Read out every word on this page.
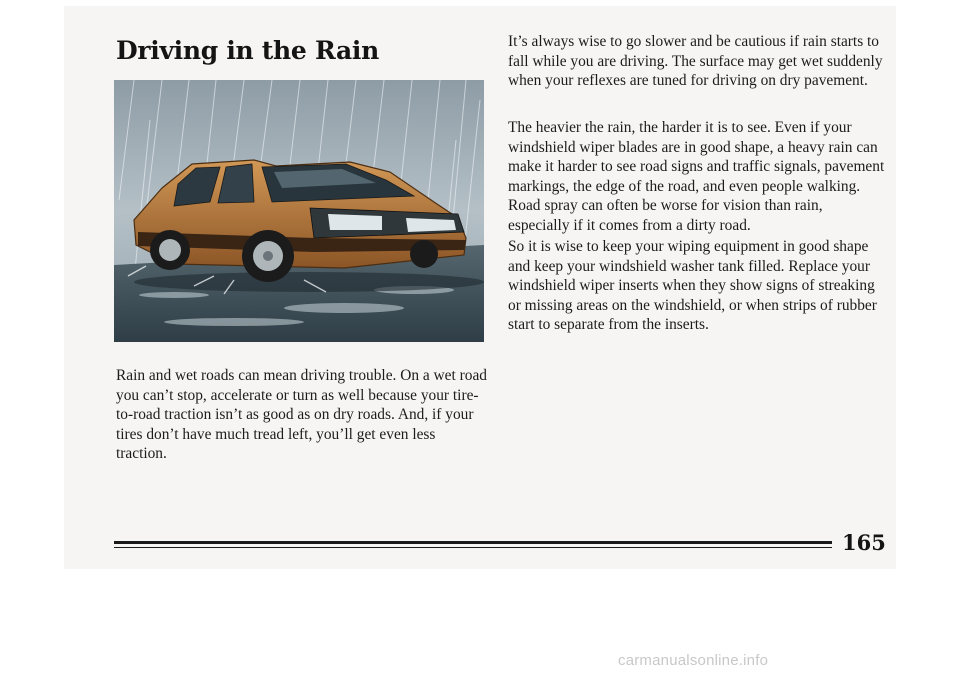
Driving in the Rain

Rain and wet roads can mean driving trouble. On a wet road you can’t stop, accelerate or turn as well because your tire-to-road traction isn’t as good as on dry roads. And, if your tires don’t have much tread left, you’ll get even less traction.

It’s always wise to go slower and be cautious if rain starts to fall while you are driving. The surface may get wet suddenly when your reflexes are tuned for driving on dry pavement.

The heavier the rain, the harder it is to see. Even if your windshield wiper blades are in good shape, a heavy rain can make it harder to see road signs and traffic signals, pavement markings, the edge of the road, and even people walking. Road spray can often be worse for vision than rain, especially if it comes from a dirty road.

So it is wise to keep your wiping equipment in good shape and keep your windshield washer tank filled. Replace your windshield wiper inserts when they show signs of streaking or missing areas on the windshield, or when strips of rubber start to separate from the inserts.

165
carmanualsonline.info
